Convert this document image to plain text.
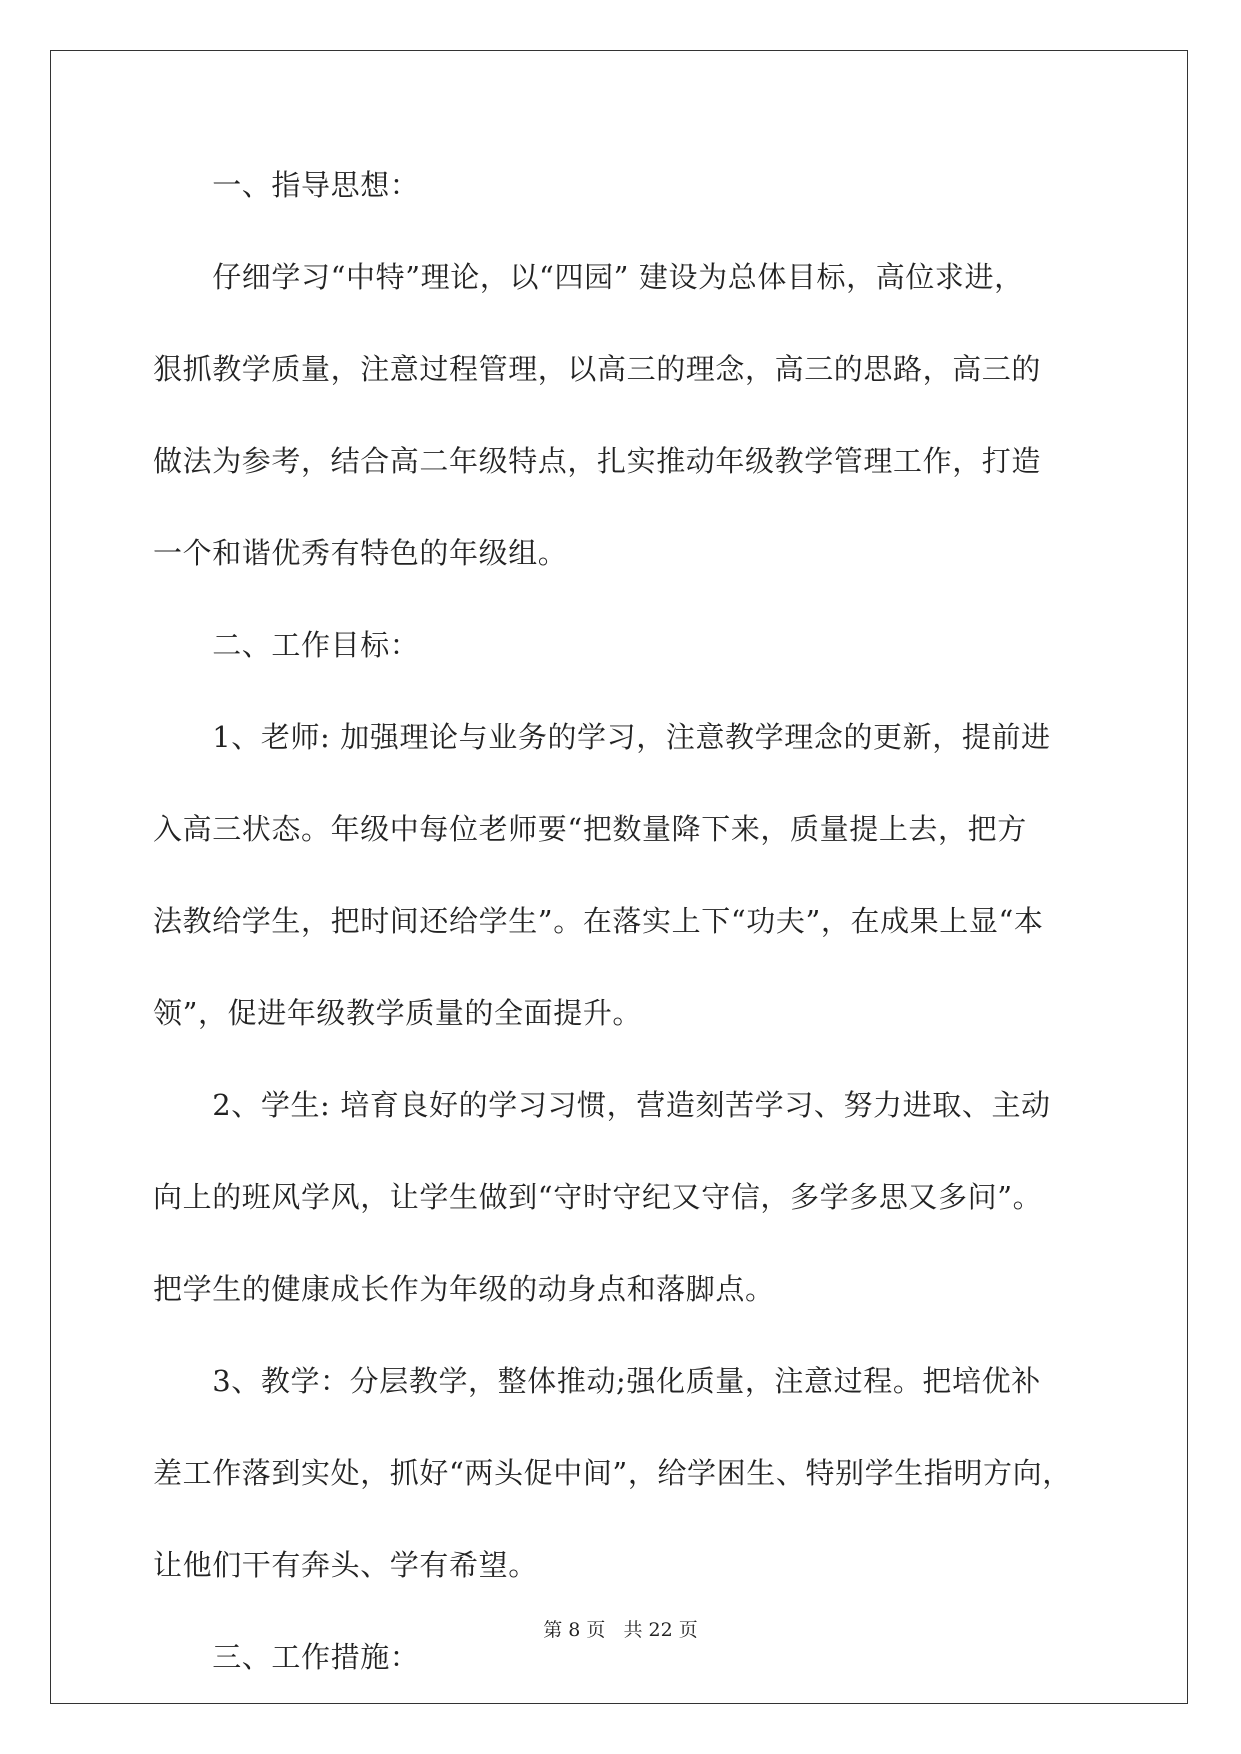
　　一、指导思想：
　　仔细学习“中特”理论，以“四园” 建设为总体目标，高位求进，
狠抓教学质量，注意过程管理，以高三的理念，高三的思路，高三的
做法为参考，结合高二年级特点，扎实推动年级教学管理工作，打造
一个和谐优秀有特色的年级组。
　　二、工作目标：
　　1、老师: 加强理论与业务的学习，注意教学理念的更新，提前进
入高三状态。年级中每位老师要“把数量降下来，质量提上去，把方
法教给学生，把时间还给学生”。在落实上下“功夫”，在成果上显“本
领”，促进年级教学质量的全面提升。
　　2、学生: 培育良好的学习习惯，营造刻苦学习、努力进取、主动
向上的班风学风，让学生做到“守时守纪又守信，多学多思又多问”。
把学生的健康成长作为年级的动身点和落脚点。
　　3、教学：分层教学，整体推动;强化质量，注意过程。把培优补
差工作落到实处，抓好“两头促中间”，给学困生、特别学生指明方向，
让他们干有奔头、学有希望。
　　三、工作措施：
第 8 页 共 22 页
